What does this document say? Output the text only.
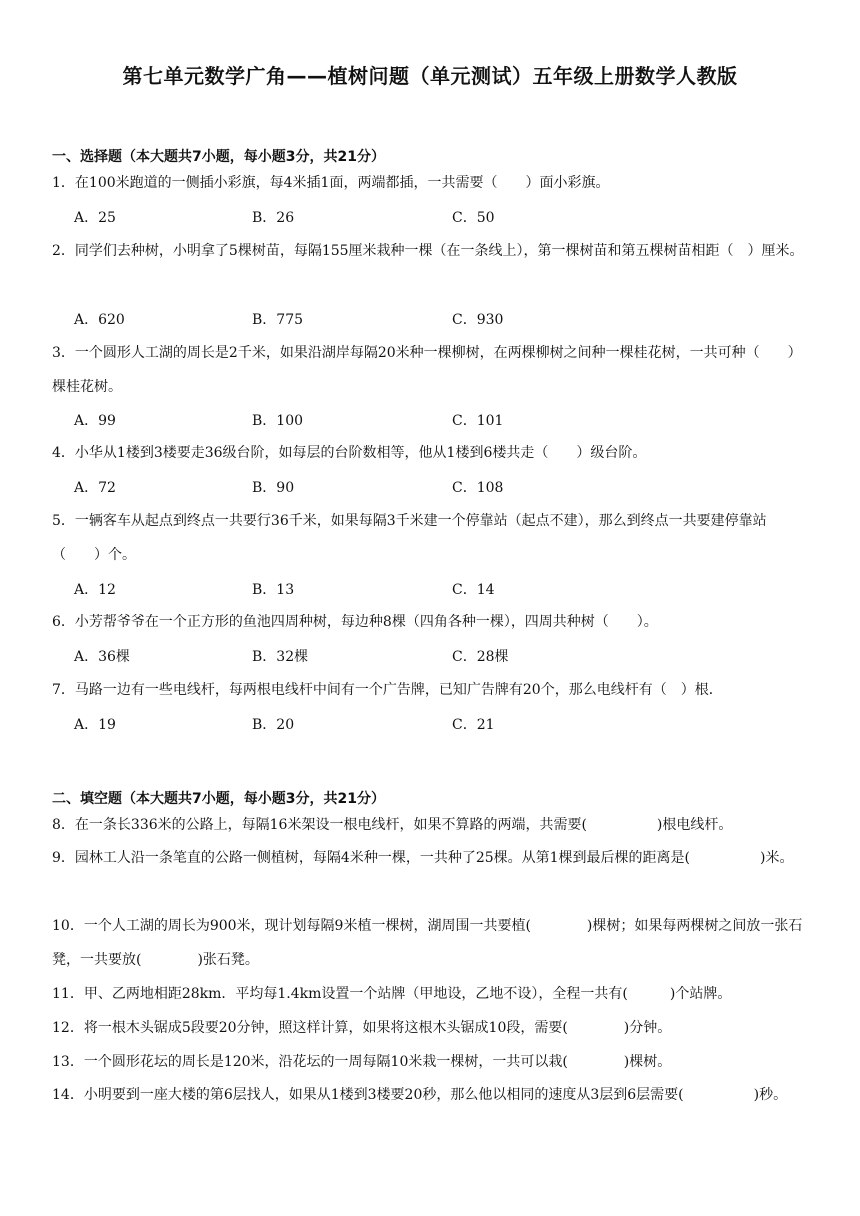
第七单元数学广角——植树问题（单元测试）五年级上册数学人教版
一、选择题（本大题共7小题，每小题3分，共21分）
1．在100米跑道的一侧插小彩旗，每4米插1面，两端都插，一共需要（　　）面小彩旗。
A．25	B．26	C．50
2．同学们去种树，小明拿了5棵树苗，每隔155厘米栽种一棵（在一条线上），第一棵树苗和第五棵树苗相距（　）厘米。
A．620	B．775	C．930
3．一个圆形人工湖的周长是2千米，如果沿湖岸每隔20米种一棵柳树，在两棵柳树之间种一棵桂花树，一共可种（　　）棵桂花树。
A．99	B．100	C．101
4．小华从1楼到3楼要走36级台阶，如每层的台阶数相等，他从1楼到6楼共走（　　）级台阶。
A．72	B．90	C．108
5．一辆客车从起点到终点一共要行36千米，如果每隔3千米建一个停靠站（起点不建），那么到终点一共要建停靠站（　　）个。
A．12	B．13	C．14
6．小芳帮爷爷在一个正方形的鱼池四周种树，每边种8棵（四角各种一棵），四周共种树（　　）。
A．36棵	B．32棵	C．28棵
7．马路一边有一些电线杆，每两根电线杆中间有一个广告牌，已知广告牌有20个，那么电线杆有（　）根．
A．19	B．20	C．21
二、填空题（本大题共7小题，每小题3分，共21分）
8．在一条长336米的公路上，每隔16米架设一根电线杆，如果不算路的两端，共需要(　　　　　)根电线杆。
9．园林工人沿一条笔直的公路一侧植树，每隔4米种一棵，一共种了25棵。从第1棵到最后棵的距离是(　　　　　)米。
10．一个人工湖的周长为900米，现计划每隔9米植一棵树，湖周围一共要植(　　　　)棵树；如果每两棵树之间放一张石凳，一共要放(　　　　)张石凳。
11．甲、乙两地相距28km．平均每1.4km设置一个站牌（甲地设，乙地不设），全程一共有(　　　)个站牌。
12．将一根木头锯成5段要20分钟，照这样计算，如果将这根木头锯成10段，需要(　　　　)分钟。
13．一个圆形花坛的周长是120米，沿花坛的一周每隔10米栽一棵树，一共可以栽(　　　　)棵树。
14．小明要到一座大楼的第6层找人，如果从1楼到3楼要20秒，那么他以相同的速度从3层到6层需要(　　　　　)秒。
